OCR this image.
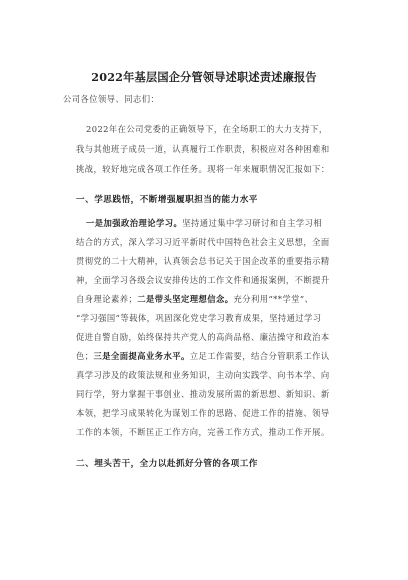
2022年基层国企分管领导述职述责述廉报告
公司各位领导、同志们：
2022年在公司党委的正确领导下，在全场职工的大力支持下，
我与其他班子成员一道，认真履行工作职责，积极应对各种困难和
挑战，较好地完成各项工作任务。现将一年来履职情况汇报如下：
一、学思践悟，不断增强履职担当的能力水平
一是加强政治理论学习。坚持通过集中学习研讨和自主学习相
结合的方式，深入学习习近平新时代中国特色社会主义思想，全面
贯彻党的二十大精神，认真领会总书记关于国企改革的重要指示精
神，全面学习各级会议安排传达的工作文件和通报案例，不断提升
自身理论素养；二是带头坚定理想信念。充分利用“**学堂”、
“学习强国”等载体，巩固深化党史学习教育成果，坚持通过学习
促进自警自励，始终保持共产党人的高尚品格、廉洁操守和政治本
色；三是全面提高业务水平。立足工作需要，结合分管职系工作认
真学习涉及的政策法规和业务知识，主动向实践学、向书本学、向
同行学，努力掌握干事创业、推动发展所需的新思想、新知识、新
本领，把学习成果转化为谋划工作的思路、促进工作的措施、领导
工作的本领，不断匡正工作方向，完善工作方式，推动工作开展。
二、埋头苦干，全力以赴抓好分管的各项工作
